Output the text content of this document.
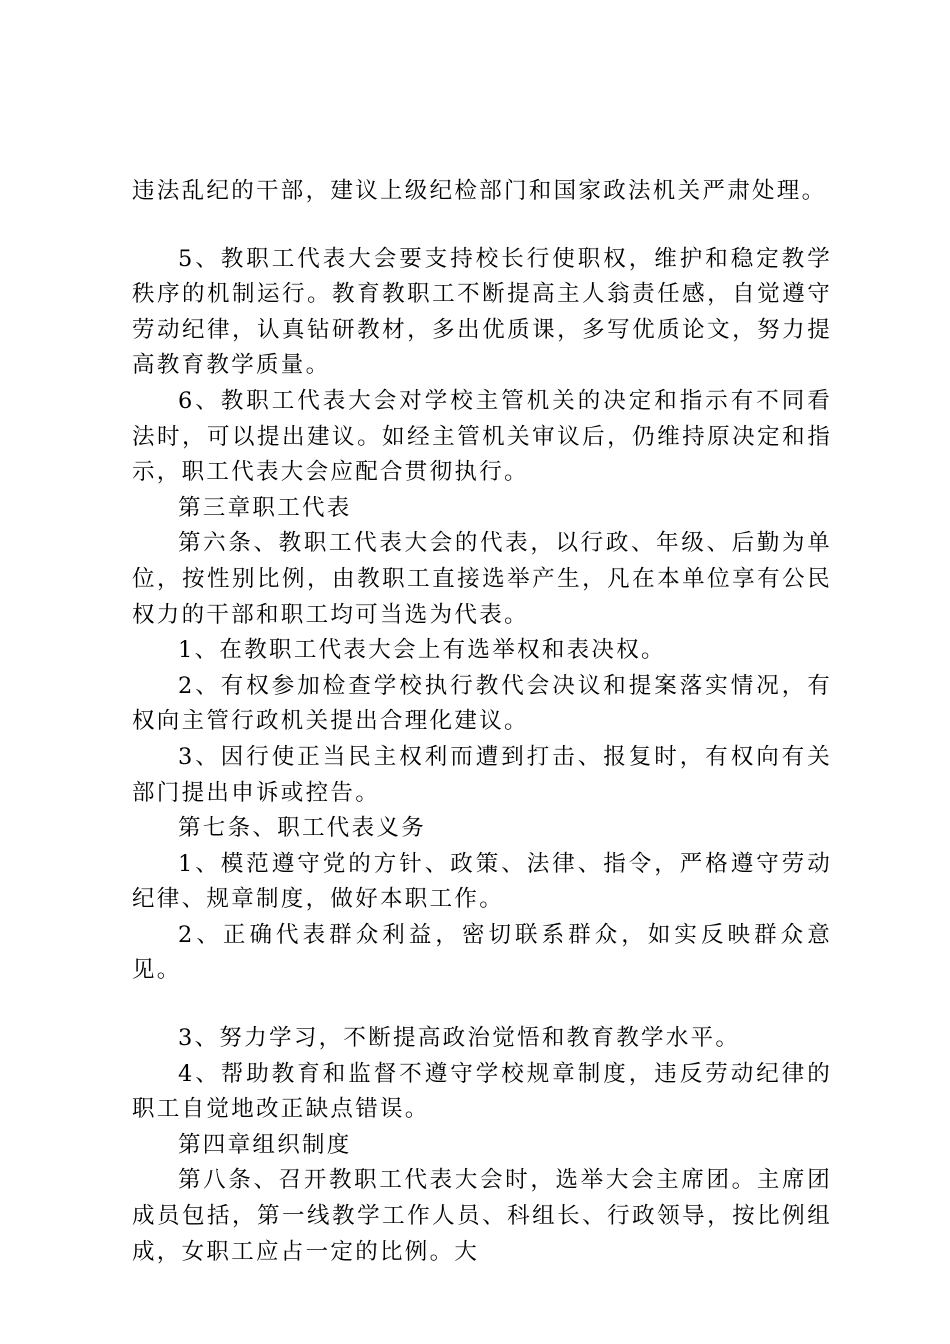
违法乱纪的干部，建议上级纪检部门和国家政法机关严肃处理。

5、教职工代表大会要支持校长行使职权，维护和稳定教学秩序的机制运行。教育教职工不断提高主人翁责任感，自觉遵守劳动纪律，认真钻研教材，多出优质课，多写优质论文，努力提高教育教学质量。

6、教职工代表大会对学校主管机关的决定和指示有不同看法时，可以提出建议。如经主管机关审议后，仍维持原决定和指示，职工代表大会应配合贯彻执行。

第三章职工代表

第六条、教职工代表大会的代表，以行政、年级、后勤为单位，按性别比例，由教职工直接选举产生，凡在本单位享有公民权力的干部和职工均可当选为代表。

1、在教职工代表大会上有选举权和表决权。

2、有权参加检查学校执行教代会决议和提案落实情况，有权向主管行政机关提出合理化建议。

3、因行使正当民主权利而遭到打击、报复时，有权向有关部门提出申诉或控告。

第七条、职工代表义务

1、模范遵守党的方针、政策、法律、指令，严格遵守劳动纪律、规章制度，做好本职工作。

2、正确代表群众利益，密切联系群众，如实反映群众意见。

3、努力学习，不断提高政治觉悟和教育教学水平。

4、帮助教育和监督不遵守学校规章制度，违反劳动纪律的职工自觉地改正缺点错误。

第四章组织制度

第八条、召开教职工代表大会时，选举大会主席团。主席团成员包括，第一线教学工作人员、科组长、行政领导，按比例组成，女职工应占一定的比例。大
